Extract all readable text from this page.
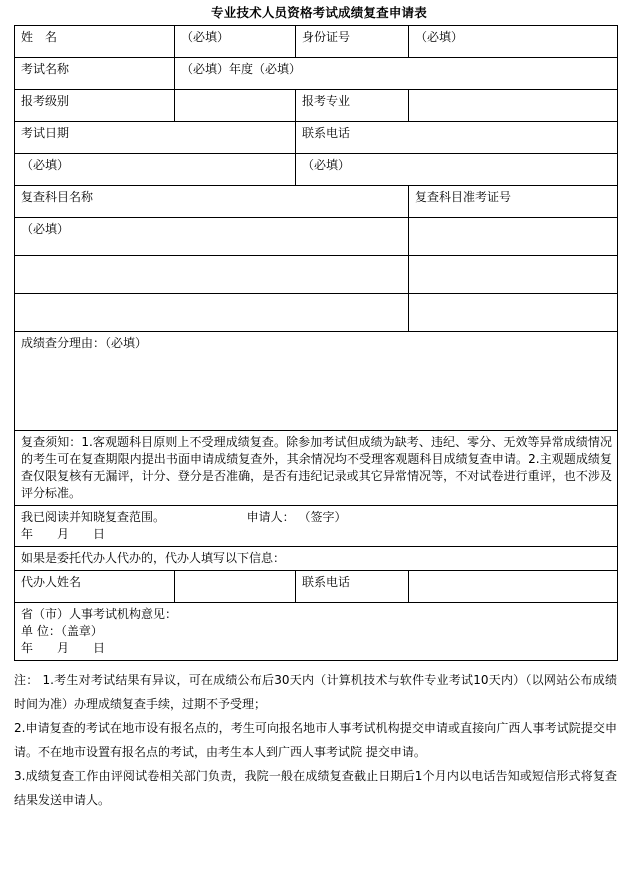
专业技术人员资格考试成绩复查申请表
姓　名	（必填）	身份证号	（必填）
考试名称	（必填）年度（必填）		
报考级别		报考专业	
考试日期		联系电话	
（必填）		（必填）	
复查科目名称			复查科目准考证号
（必填）			

成绩查分理由：（必填）			
复查须知：1.客观题科目原则上不受理成绩复查。除参加考试但成绩为缺考、违纪、零分、无效等异常成绩情况的考生可在复查期限内提出书面申请成绩复查外，其余情况均不受理客观题科目成绩复查申请。2.主观题成绩复查仅限复核有无漏评，计分、登分是否准确，是否有违纪记录或其它异常情况等，不对试卷进行重评，也不涉及评分标准。			

我已阅读并知晓复查范围。 申请人： （签字）
年　　月　　日			

如果是委托代办人代办的，代办人填写以下信息：			
代办人姓名		联系电话	

省（市）人事考试机构意见：
单 位：（盖章）
年　　月　　日			

注： 1.考生对考试结果有异议，可在成绩公布后30天内（计算机技术与软件专业考试10天内）（以网站公布成绩时间为准）办理成绩复查手续，过期不予受理；

2.申请复查的考试在地市设有报名点的，考生可向报名地市人事考试机构提交申请或直接向广西人事考试院提交申请。不在地市设置有报名点的考试，由考生本人到广西人事考试院 提交申请。

3.成绩复查工作由评阅试卷相关部门负责，我院一般在成绩复查截止日期后1个月内以电话告知或短信形式将复查结果发送申请人。
